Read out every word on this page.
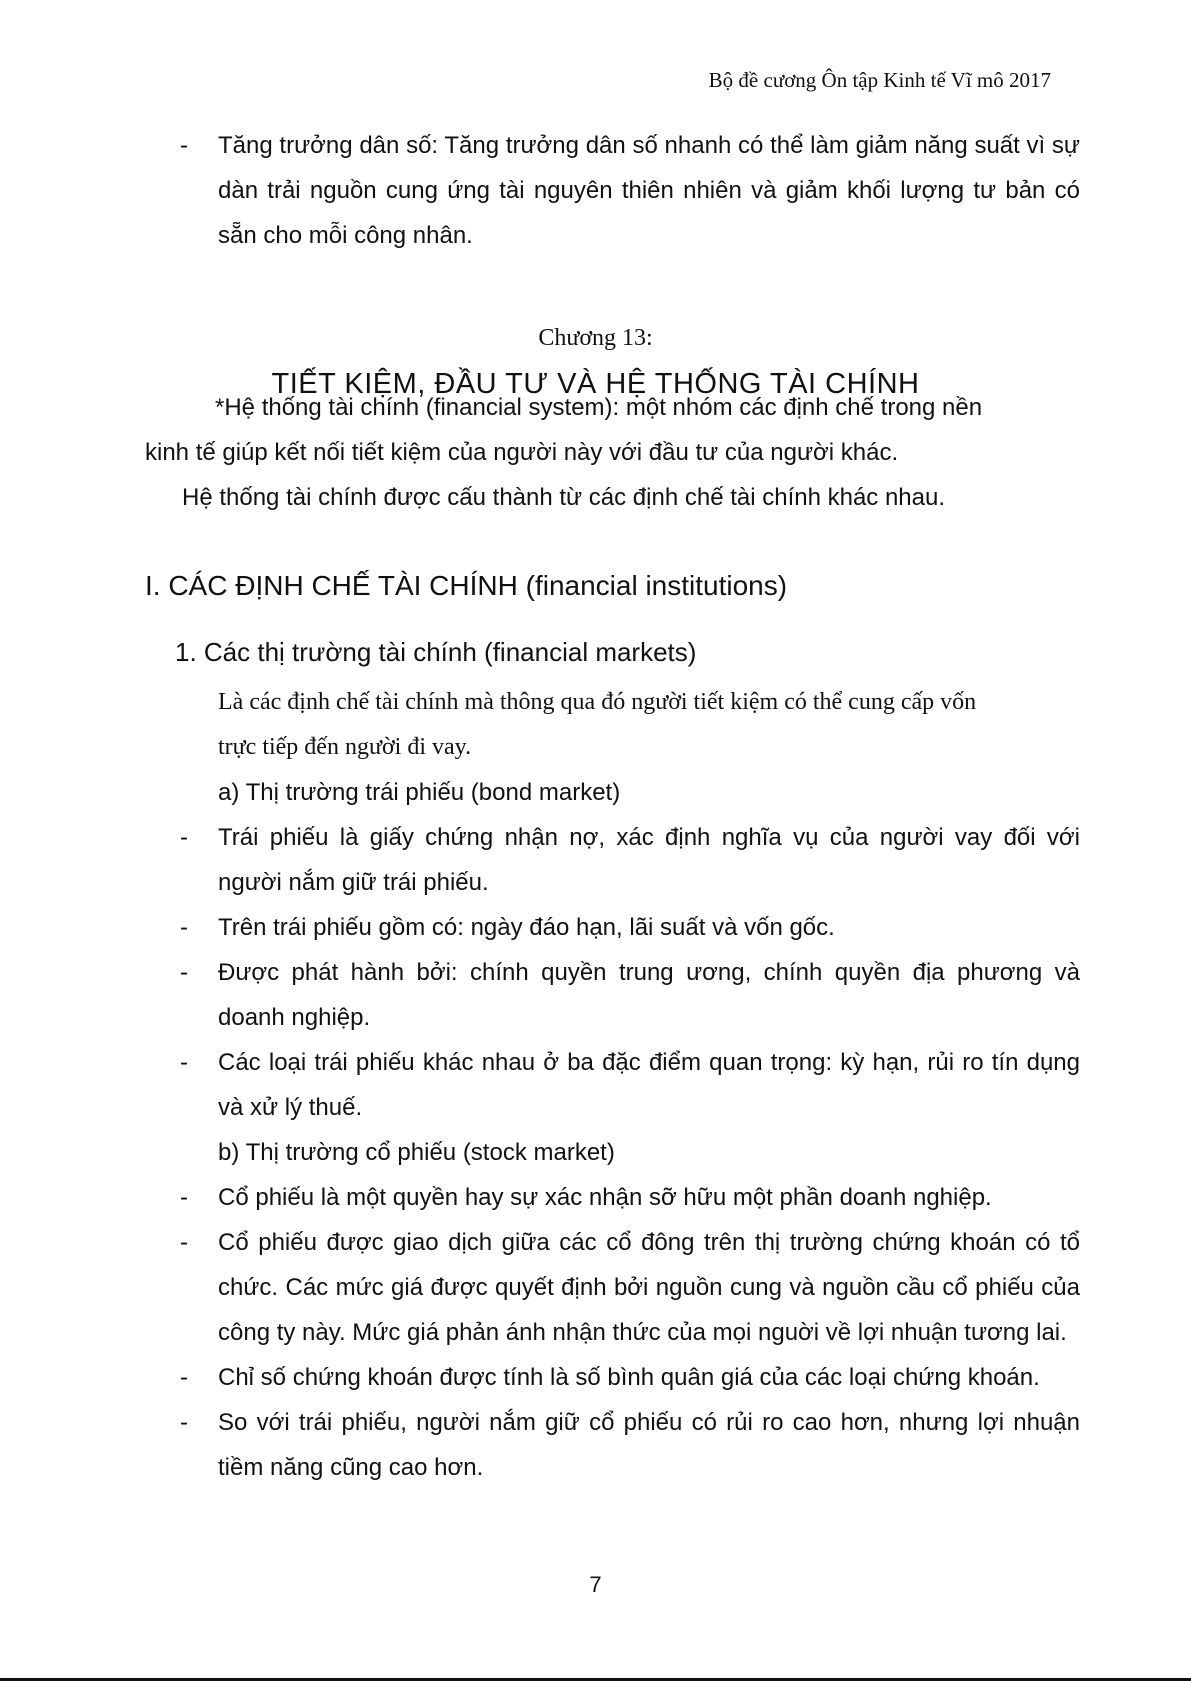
Bộ đề cương Ôn tập Kinh tế Vĩ mô 2017
- Tăng trưởng dân số: Tăng trưởng dân số nhanh có thể làm giảm năng suất vì sự dàn trải nguồn cung ứng tài nguyên thiên nhiên và giảm khối lượng tư bản có sẵn cho mỗi công nhân.
Chương 13:
TIẾT KIỆM, ĐẦU TƯ VÀ HỆ THỐNG TÀI CHÍNH
*Hệ thống tài chính (financial system): một nhóm các định chế trong nền
kinh tế giúp kết nối tiết kiệm của người này với đầu tư của người khác.
Hệ thống tài chính được cấu thành từ các định chế tài chính khác nhau.
I. CÁC ĐỊNH CHẾ TÀI CHÍNH (financial institutions)
1. Các thị trường tài chính (financial markets)
Là các định chế tài chính mà thông qua đó người tiết kiệm có thể cung cấp vốn
trực tiếp đến người đi vay.
a) Thị trường trái phiếu (bond market)
- Trái phiếu là giấy chứng nhận nợ, xác định nghĩa vụ của người vay đối với người nắm giữ trái phiếu.
- Trên trái phiếu gồm có: ngày đáo hạn, lãi suất và vốn gốc.
- Được phát hành bởi: chính quyền trung ương, chính quyền địa phương và doanh nghiệp.
- Các loại trái phiếu khác nhau ở ba đặc điểm quan trọng: kỳ hạn, rủi ro tín dụng và xử lý thuế.
b) Thị trường cổ phiếu (stock market)
- Cổ phiếu là một quyền hay sự xác nhận sỡ hữu một phần doanh nghiệp.
- Cổ phiếu được giao dịch giữa các cổ đông trên thị trường chứng khoán có tổ chức. Các mức giá được quyết định bởi nguồn cung và nguồn cầu cổ phiếu của công ty này. Mức giá phản ánh nhận thức của mọi nguời về lợi nhuận tương lai.
- Chỉ số chứng khoán được tính là số bình quân giá của các loại chứng khoán.
- So với trái phiếu, người nắm giữ cổ phiếu có rủi ro cao hơn, nhưng lợi nhuận tiềm năng cũng cao hơn.
7
